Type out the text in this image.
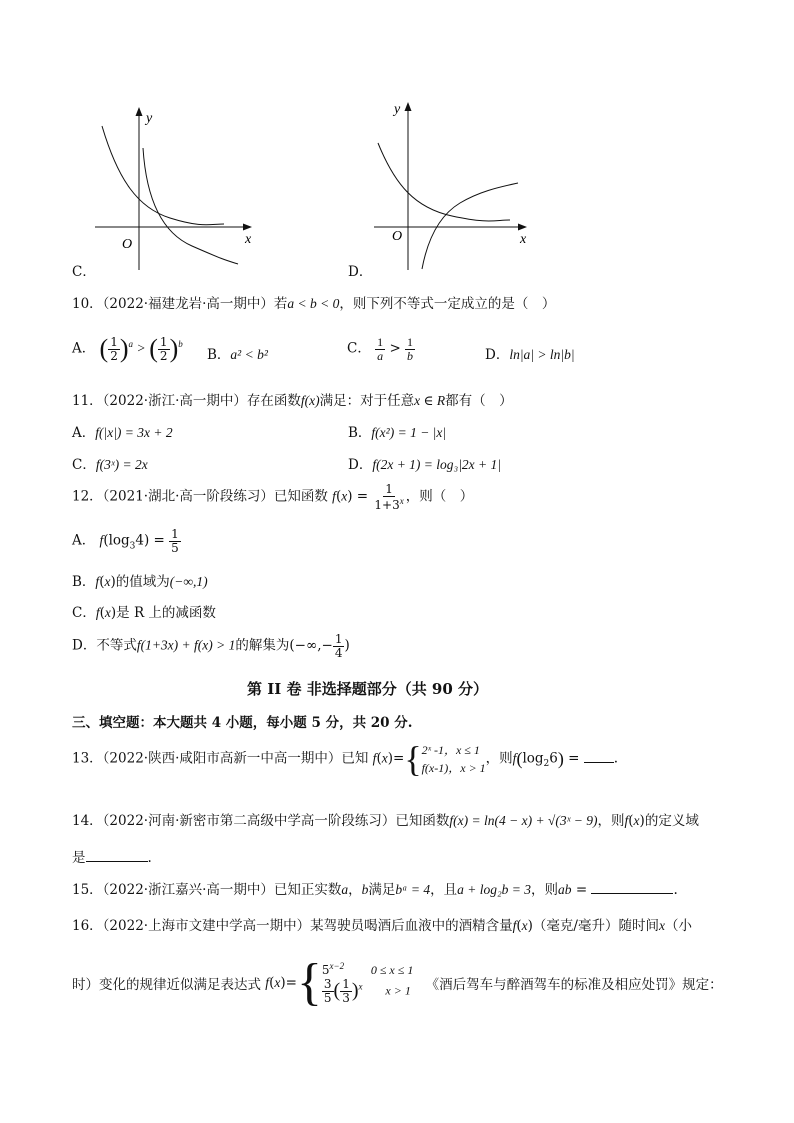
y
x
O
C．
y
x
O
D．
10．（2022·福建龙岩·高一期中）若a < b < 0，则下列不等式一定成立的是（　）
A． ( $\frac{1}{2} )^a$ > ( $\frac{1}{2} )^b$
B．a² < b²	C． $\frac{1}{a} > \frac{1}{b}$	D．ln|a| > ln|b|
11．（2022·浙江·高一期中）存在函数f(x)满足：对于任意x ∈ R都有（　）
A．f(|x|) = 3x + 2	B．f(x²) = 1 − |x|
C．f(3ˣ) = 2x	D．f(2x + 1) = log₃|2x + 1|
12．（2021·湖北·高一阶段练习）已知函数 $f(x) = \frac{1}{1+3^x}$ ，则（　）
A． $f(\log_34) = \frac{1}{5}$
B．f(x)的值域为(−∞,1)
C．f(x)是 R 上的减函数
D．不等式f(1+3x) + f(x) > 1的解集为(−∞,− $\frac{1}{4}$ )
第 II 卷 非选择题部分（共 90 分）
三、填空题：本大题共 4 小题，每小题 5 分，共 20 分.
13．（2022·陕西·咸阳市高新一中高一期中）已知 f(x)={ 2ˣ -1，x ≤ 1
f(x-1)，x > 1
，则$f(\log_26)$ = .
14．（2022·河南·新密市第二高级中学高一阶段练习）已知函数f(x) = ln(4 − x) + √(3ˣ − 9)，则f(x)的定义域
是	.
15．（2022·浙江嘉兴·高一期中）已知正实数a，b满足bᵃ = 4，且a + log₂b = 3，则ab =	.
16．（2022·上海市文建中学高一期中）某驾驶员喝酒后血液中的酒精含量f(x)（毫克/毫升）随时间x（小
时）变化的规律近似满足表达式 f(x)={ $5^{x-2}$ 0 ≤ x ≤ 1
$\frac{3}{5}$ ( $\frac{1}{3} )^x$ x > 1 《酒后驾车与醉酒驾车的标准及相应处罚》规定：
